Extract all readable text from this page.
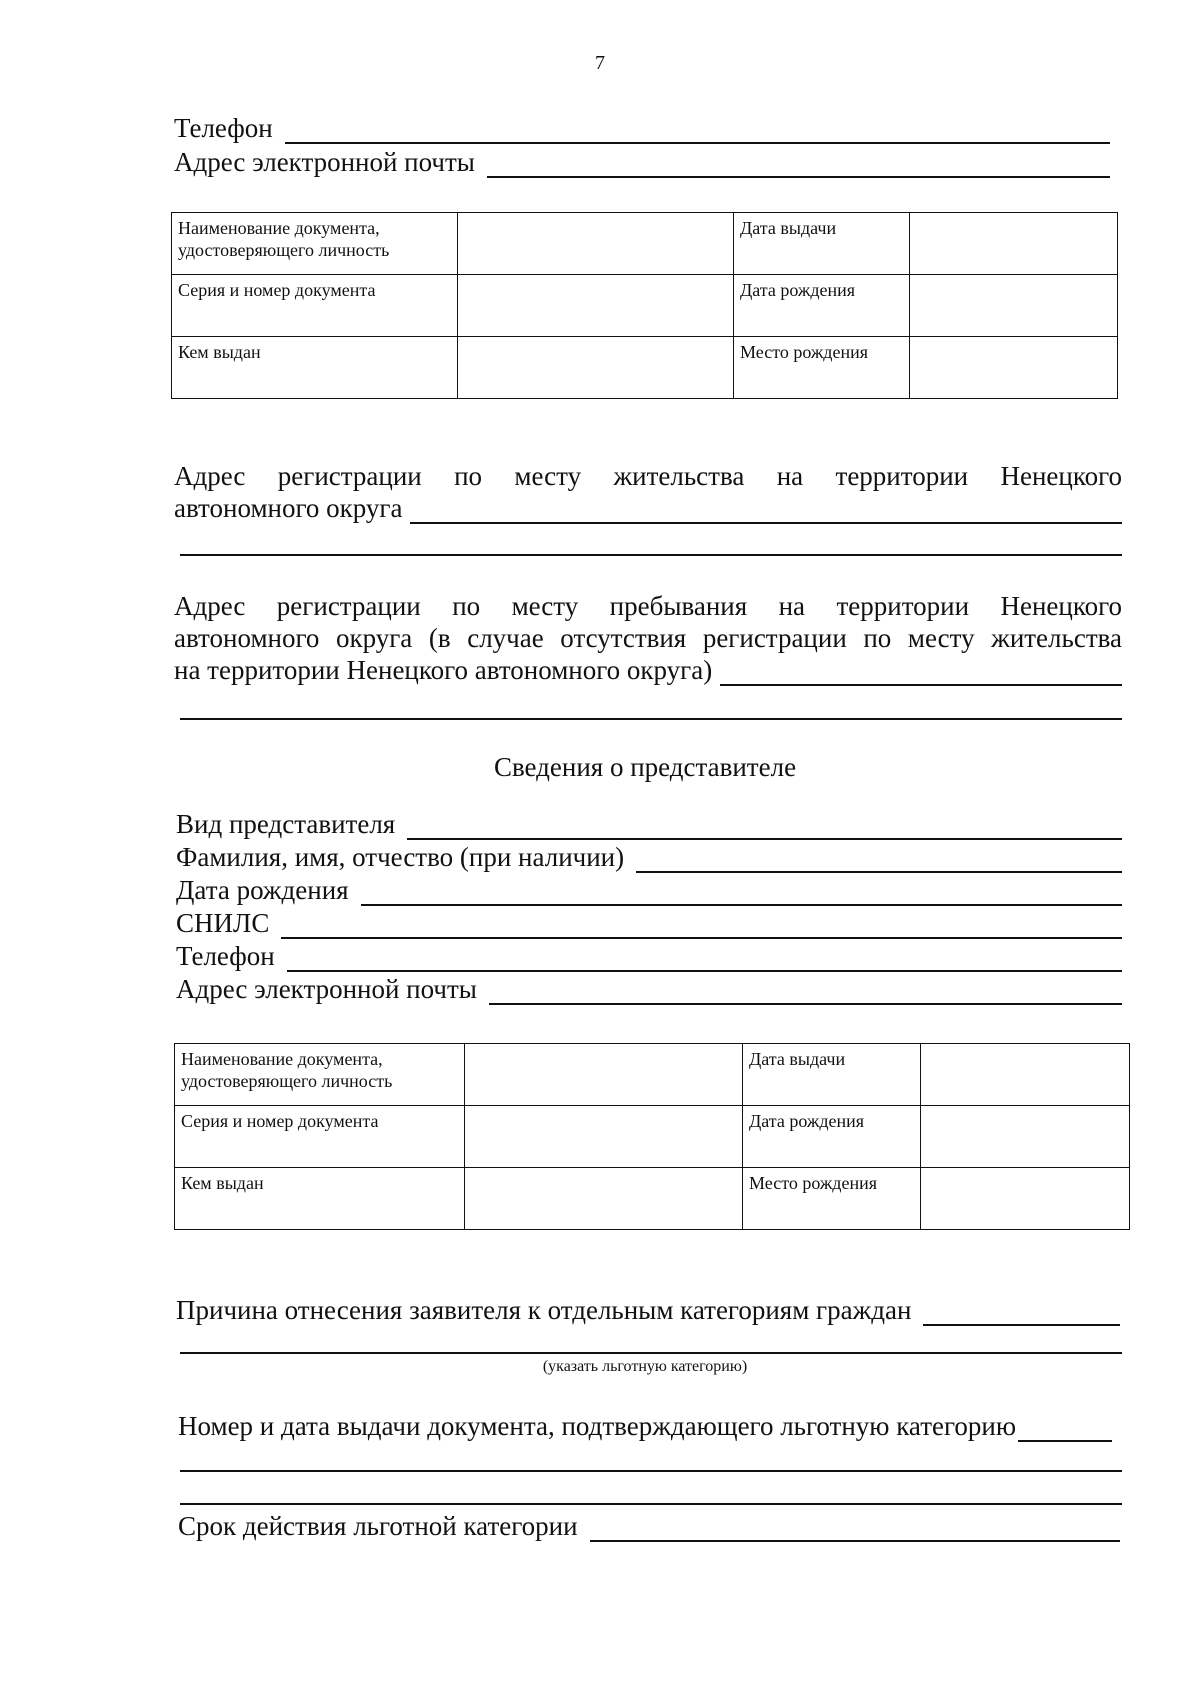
7
Телефон
Адрес электронной почты
Наименование документа, удостоверяющего личность		Дата выдачи	
Серия и номер документа		Дата рождения	
Кем выдан		Место рождения	
Адрес регистрации по месту жительства на территории Ненецкого
автономного округа
Адрес регистрации по месту пребывания на территории Ненецкого
автономного округа (в случае отсутствия регистрации по месту жительства
на территории Ненецкого автономного округа)
Сведения о представителе
Вид представителя
Фамилия, имя, отчество (при наличии)
Дата рождения
СНИЛС
Телефон
Адрес электронной почты
Наименование документа, удостоверяющего личность		Дата выдачи	
Серия и номер документа		Дата рождения	
Кем выдан		Место рождения	
Причина отнесения заявителя к отдельным категориям граждан
(указать льготную категорию)
Номер и дата выдачи документа, подтверждающего льготную категорию
Срок действия льготной категории
